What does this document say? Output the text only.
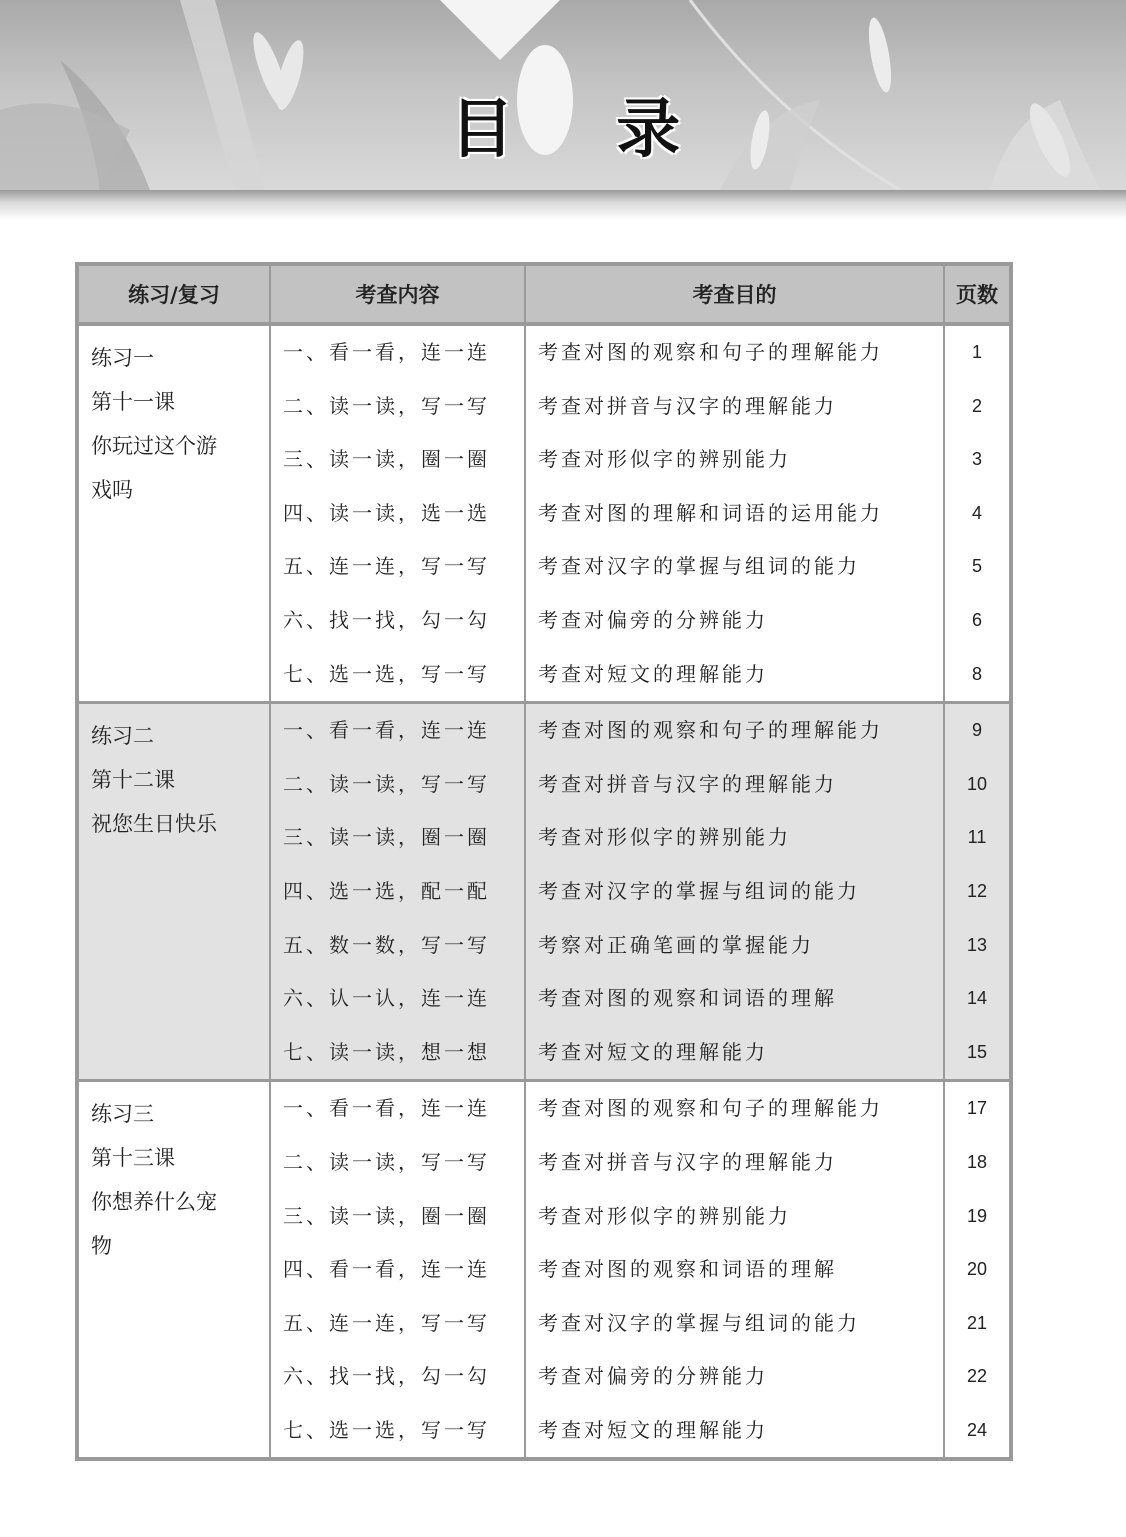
目 录
练习/复习	考查内容	考查目的	页数

练习一
第十一课
你玩过这个游
戏吗	一、看一看，连一连	考查对图的观察和句子的理解能力	1
	二、读一读，写一写	考查对拼音与汉字的理解能力	2
	三、读一读，圈一圈	考查对形似字的辨别能力	3
	四、读一读，选一选	考查对图的理解和词语的运用能力	4
	五、连一连，写一写	考查对汉字的掌握与组词的能力	5
	六、找一找，勾一勾	考查对偏旁的分辨能力	6
	七、选一选，写一写	考查对短文的理解能力	8

练习二
第十二课
祝您生日快乐	一、看一看，连一连	考查对图的观察和句子的理解能力	9
	二、读一读，写一写	考查对拼音与汉字的理解能力	10
	三、读一读，圈一圈	考查对形似字的辨别能力	11
	四、选一选，配一配	考查对汉字的掌握与组词的能力	12
	五、数一数，写一写	考察对正确笔画的掌握能力	13
	六、认一认，连一连	考查对图的观察和词语的理解	14
	七、读一读，想一想	考查对短文的理解能力	15

练习三
第十三课
你想养什么宠
物	一、看一看，连一连	考查对图的观察和句子的理解能力	17
	二、读一读，写一写	考查对拼音与汉字的理解能力	18
	三、读一读，圈一圈	考查对形似字的辨别能力	19
	四、看一看，连一连	考查对图的观察和词语的理解	20
	五、连一连，写一写	考查对汉字的掌握与组词的能力	21
	六、找一找，勾一勾	考查对偏旁的分辨能力	22
	七、选一选，写一写	考查对短文的理解能力	24
